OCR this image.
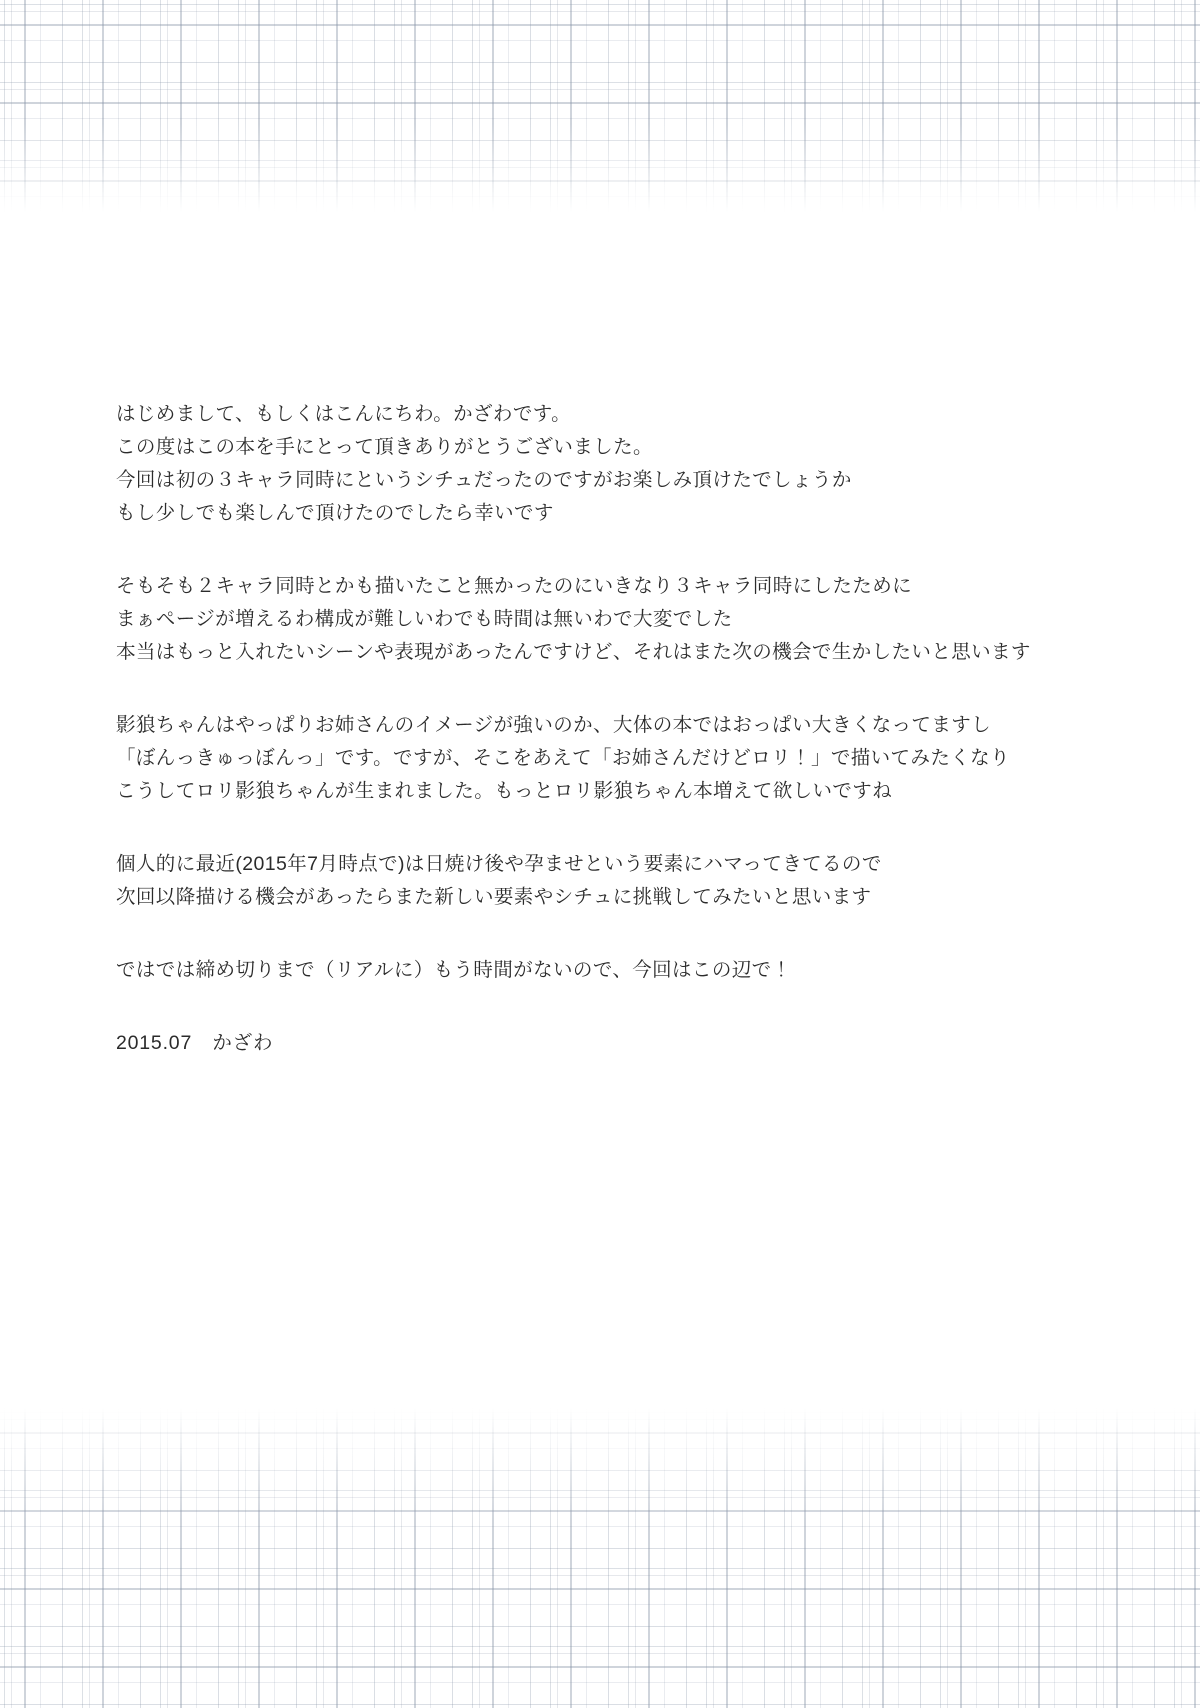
はじめまして、もしくはこんにちわ。かざわです。
この度はこの本を手にとって頂きありがとうございました。
今回は初の３キャラ同時にというシチュだったのですがお楽しみ頂けたでしょうか
もし少しでも楽しんで頂けたのでしたら幸いです
そもそも２キャラ同時とかも描いたこと無かったのにいきなり３キャラ同時にしたために
まぁページが増えるわ構成が難しいわでも時間は無いわで大変でした
本当はもっと入れたいシーンや表現があったんですけど、それはまた次の機会で生かしたいと思います
影狼ちゃんはやっぱりお姉さんのイメージが強いのか、大体の本ではおっぱい大きくなってますし
「ぼんっきゅっぼんっ」です。ですが、そこをあえて「お姉さんだけどロリ！」で描いてみたくなり
こうしてロリ影狼ちゃんが生まれました。もっとロリ影狼ちゃん本増えて欲しいですね
個人的に最近(2015年7月時点で)は日焼け後や孕ませという要素にハマってきてるので
次回以降描ける機会があったらまた新しい要素やシチュに挑戦してみたいと思います
ではでは締め切りまで（リアルに）もう時間がないので、今回はこの辺で！
2015.07　かざわ
